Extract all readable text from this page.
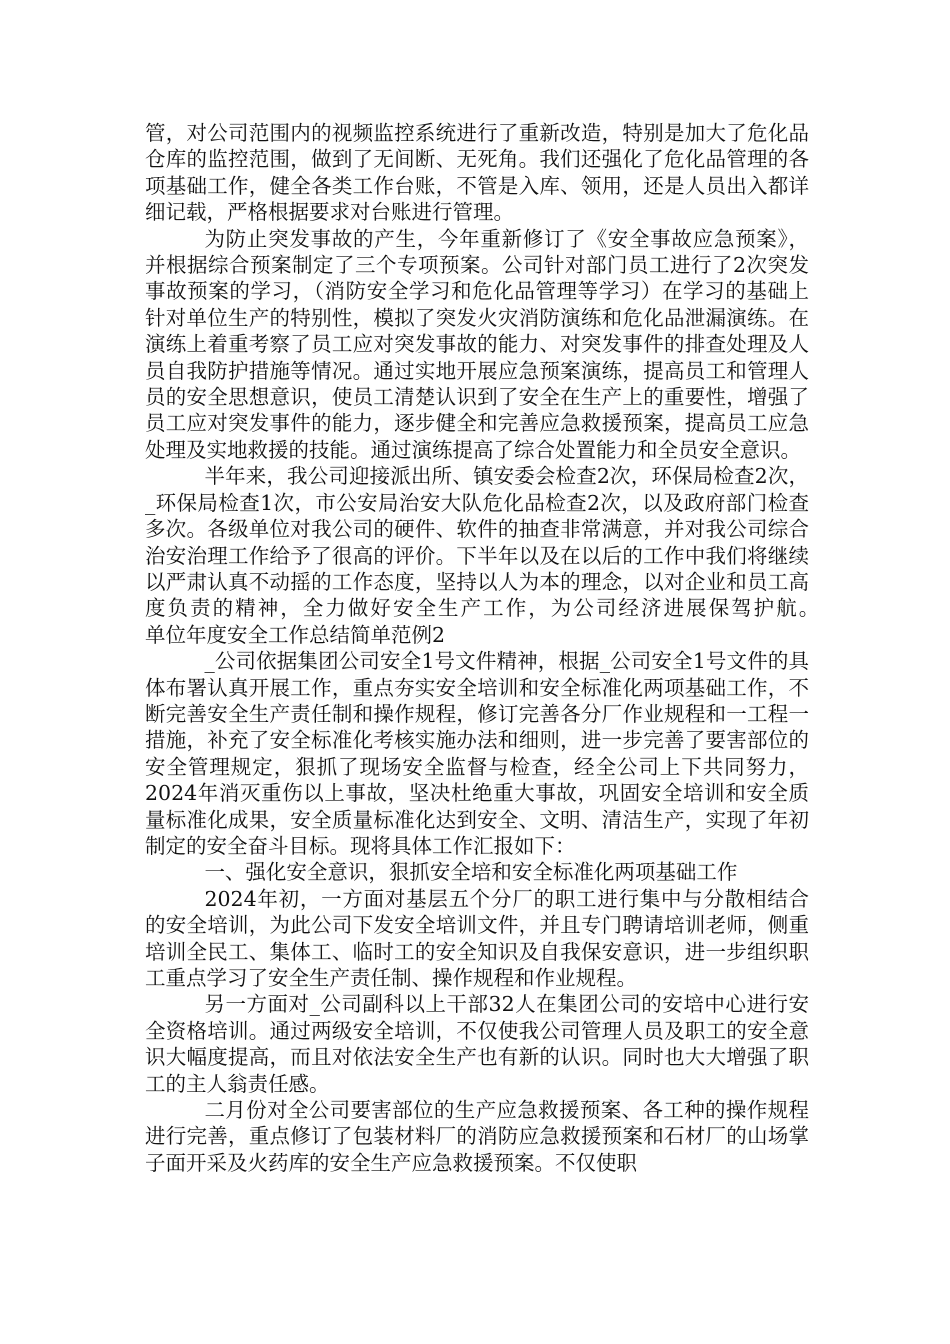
管，对公司范围内的视频监控系统进行了重新改造，特别是加大了危化品仓库的监控范围，做到了无间断、无死角。我们还强化了危化品管理的各项基础工作，健全各类工作台账，不管是入库、领用，还是人员出入都详细记载，严格根据要求对台账进行管理。

为防止突发事故的产生，今年重新修订了《安全事故应急预案》，并根据综合预案制定了三个专项预案。公司针对部门员工进行了2次突发事故预案的学习，（消防安全学习和危化品管理等学习）在学习的基础上针对单位生产的特别性，模拟了突发火灾消防演练和危化品泄漏演练。在演练上着重考察了员工应对突发事故的能力、对突发事件的排查处理及人员自我防护措施等情况。通过实地开展应急预案演练，提高员工和管理人员的安全思想意识，使员工清楚认识到了安全在生产上的重要性，增强了员工应对突发事件的能力，逐步健全和完善应急救援预案，提高员工应急处理及实地救援的技能。通过演练提高了综合处置能力和全员安全意识。

半年来，我公司迎接派出所、镇安委会检查2次，环保局检查2次，_环保局检查1次，市公安局治安大队危化品检查2次，以及政府部门检查多次。各级单位对我公司的硬件、软件的抽查非常满意，并对我公司综合治安治理工作给予了很高的评价。下半年以及在以后的工作中我们将继续以严肃认真不动摇的工作态度，坚持以人为本的理念，以对企业和员工高度负责的精神，全力做好安全生产工作，为公司经济进展保驾护航。　　单位年度安全工作总结简单范例2

_公司依据集团公司安全1号文件精神，根据_公司安全1号文件的具体布署认真开展工作，重点夯实安全培训和安全标准化两项基础工作，不断完善安全生产责任制和操作规程，修订完善各分厂作业规程和一工程一措施，补充了安全标准化考核实施办法和细则，进一步完善了要害部位的安全管理规定，狠抓了现场安全监督与检查，经全公司上下共同努力，2024年消灭重伤以上事故，坚决杜绝重大事故，巩固安全培训和安全质量标准化成果，安全质量标准化达到安全、文明、清洁生产，实现了年初制定的安全奋斗目标。现将具体工作汇报如下：

一、强化安全意识，狠抓安全培和安全标准化两项基础工作

2024年初，一方面对基层五个分厂的职工进行集中与分散相结合的安全培训，为此公司下发安全培训文件，并且专门聘请培训老师，侧重培训全民工、集体工、临时工的安全知识及自我保安意识，进一步组织职工重点学习了安全生产责任制、操作规程和作业规程。

另一方面对_公司副科以上干部32人在集团公司的安培中心进行安全资格培训。通过两级安全培训，不仅使我公司管理人员及职工的安全意识大幅度提高，而且对依法安全生产也有新的认识。同时也大大增强了职工的主人翁责任感。

二月份对全公司要害部位的生产应急救援预案、各工种的操作规程进行完善，重点修订了包装材料厂的消防应急救援预案和石材厂的山场掌子面开采及火药库的安全生产应急救援预案。不仅使职
